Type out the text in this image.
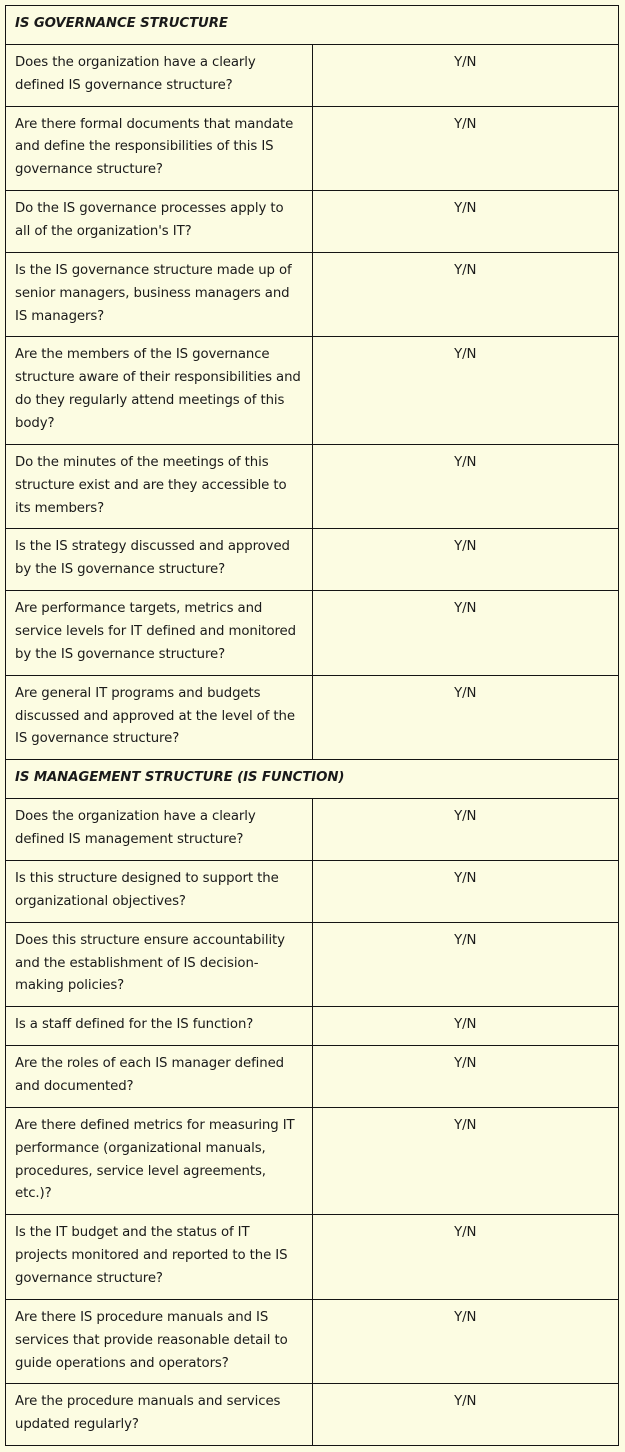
IS GOVERNANCE STRUCTURE	
Does the organization have a clearly defined IS governance structure?	Y/N
Are there formal documents that mandate and define the responsibilities of this IS governance structure?	Y/N
Do the IS governance processes apply to all of the organization's IT?	Y/N
Is the IS governance structure made up of senior managers, business managers and IS managers?	Y/N
Are the members of the IS governance structure aware of their responsibilities and do they regularly attend meetings of this body?	Y/N
Do the minutes of the meetings of this structure exist and are they accessible to its members?	Y/N
Is the IS strategy discussed and approved by the IS governance structure?	Y/N
Are performance targets, metrics and service levels for IT defined and monitored by the IS governance structure?	Y/N
Are general IT programs and budgets discussed and approved at the level of the IS governance structure?	Y/N
IS MANAGEMENT STRUCTURE (IS FUNCTION)	
Does the organization have a clearly defined IS management structure?	Y/N
Is this structure designed to support the organizational objectives?	Y/N
Does this structure ensure accountability and the establishment of IS decision-making policies?	Y/N
Is a staff defined for the IS function?	Y/N
Are the roles of each IS manager defined and documented?	Y/N
Are there defined metrics for measuring IT performance (organizational manuals, procedures, service level agreements, etc.)?	Y/N
Is the IT budget and the status of IT projects monitored and reported to the IS governance structure?	Y/N
Are there IS procedure manuals and IS services that provide reasonable detail to guide operations and operators?	Y/N
Are the procedure manuals and services updated regularly?	Y/N
